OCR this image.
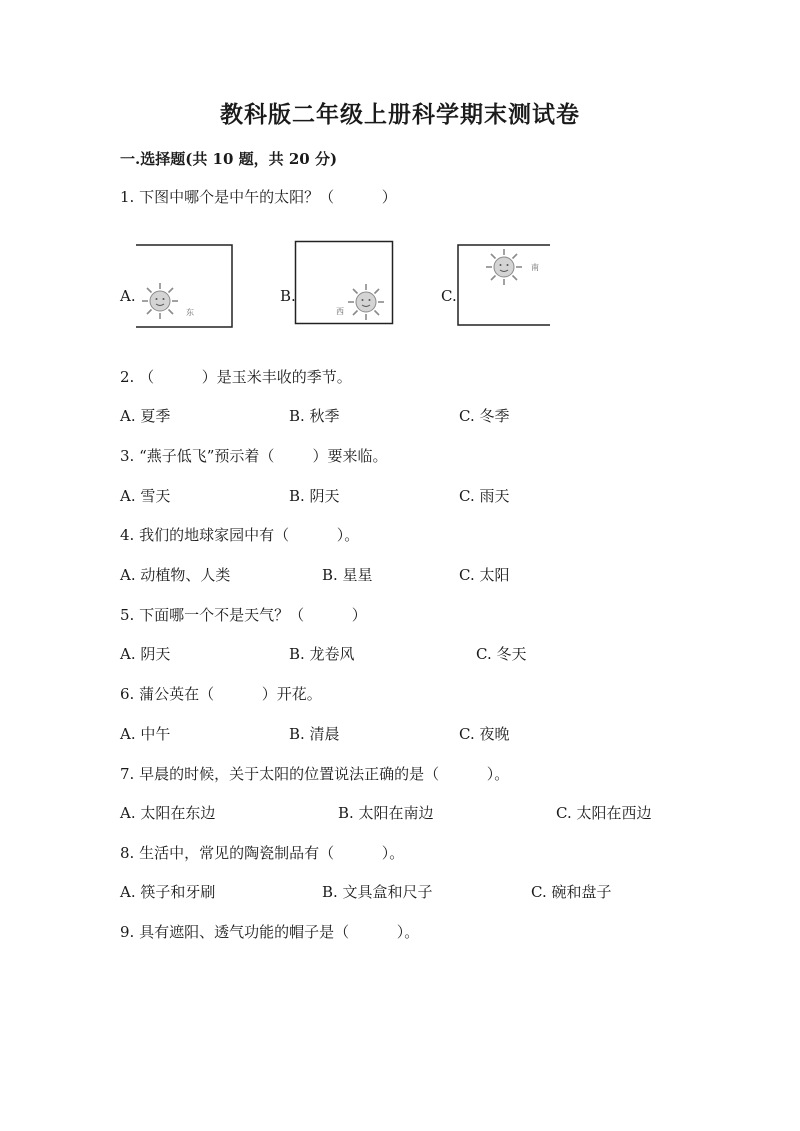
教科版二年级上册科学期末测试卷
一.选择题(共 10 题，共 20 分)
1. 下图中哪个是中午的太阳？（          ）
A.
东
B.
西
C.
南
2. （          ）是玉米丰收的季节。
A. 夏季	B. 秋季	C. 冬季
3. “燕子低飞”预示着（        ）要来临。
A. 雪天	B. 阴天	C. 雨天
4. 我们的地球家园中有（          ）。
A. 动植物、人类	B. 星星	C. 太阳
5. 下面哪一个不是天气？（          ）
A. 阴天	B. 龙卷风	C. 冬天
6. 蒲公英在（          ）开花。
A. 中午	B. 清晨	C. 夜晚
7. 早晨的时候，关于太阳的位置说法正确的是（          ）。
A. 太阳在东边	B. 太阳在南边	C. 太阳在西边
8. 生活中，常见的陶瓷制品有（          ）。
A. 筷子和牙刷	B. 文具盒和尺子	C. 碗和盘子
9. 具有遮阳、透气功能的帽子是（          ）。
